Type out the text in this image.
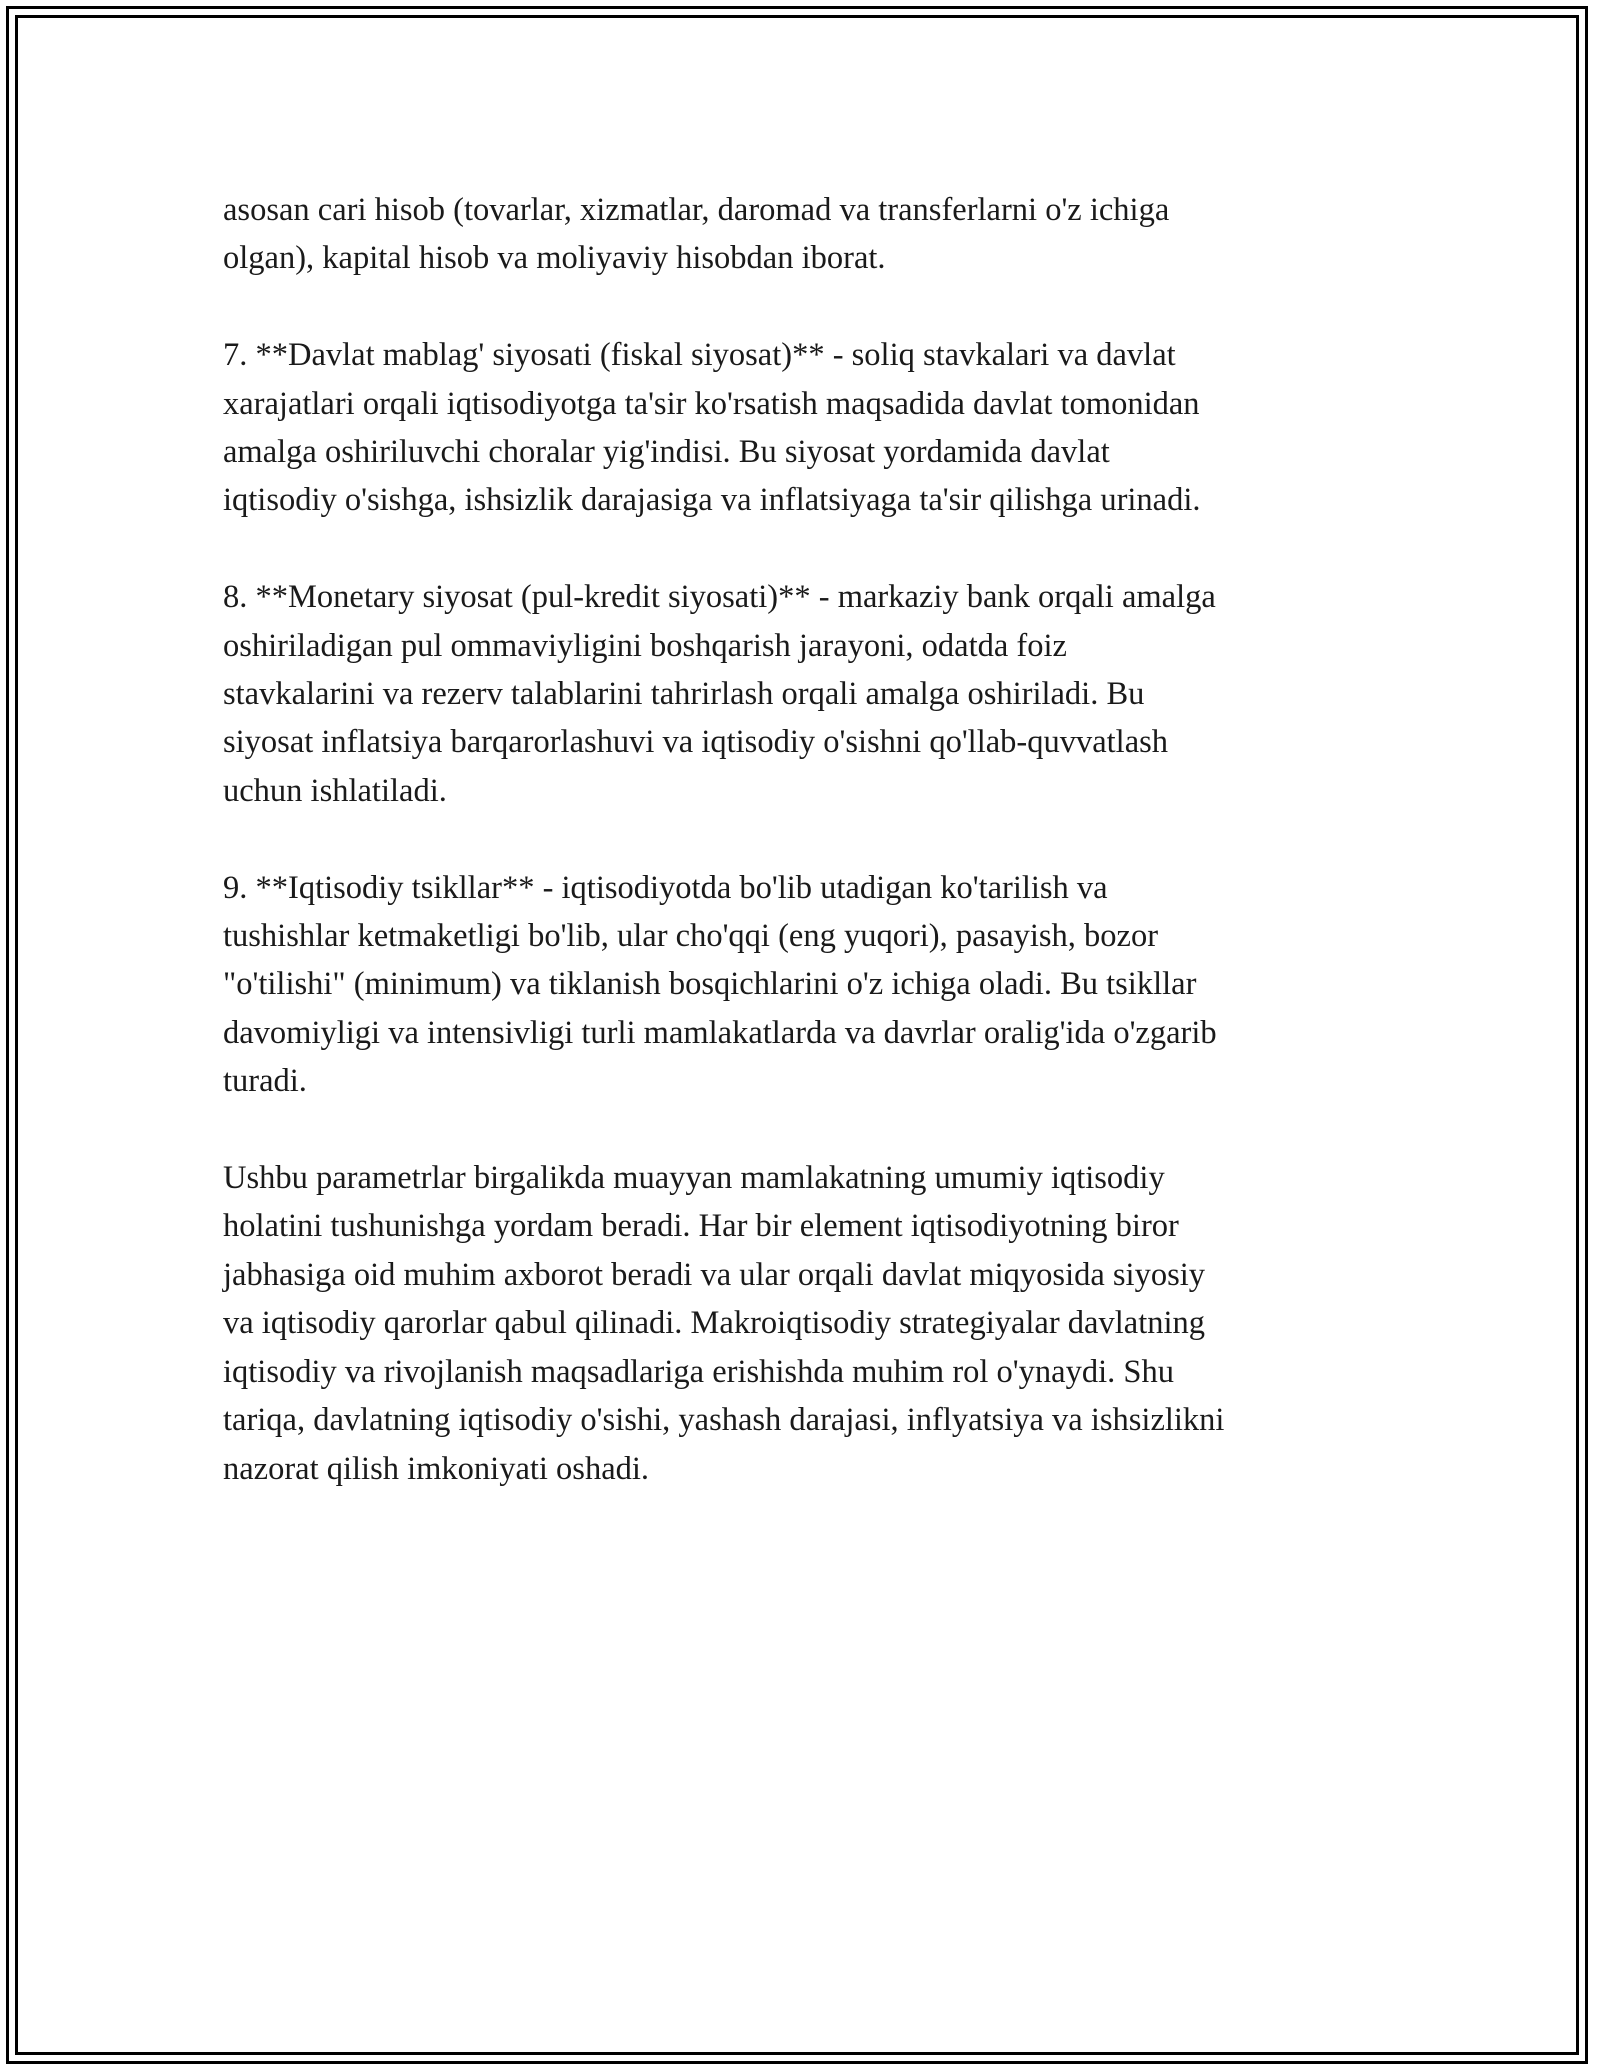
asosan cari hisob (tovarlar, xizmatlar, daromad va transferlarni o'z ichiga
olgan), kapital hisob va moliyaviy hisobdan iborat.

7. **Davlat mablag' siyosati (fiskal siyosat)** - soliq stavkalari va davlat
xarajatlari orqali iqtisodiyotga ta'sir ko'rsatish maqsadida davlat tomonidan
amalga oshiriluvchi choralar yig'indisi. Bu siyosat yordamida davlat
iqtisodiy o'sishga, ishsizlik darajasiga va inflatsiyaga ta'sir qilishga urinadi.

8. **Monetary siyosat (pul-kredit siyosati)** - markaziy bank orqali amalga
oshiriladigan pul ommaviyligini boshqarish jarayoni, odatda foiz
stavkalarini va rezerv talablarini tahrirlash orqali amalga oshiriladi. Bu
siyosat inflatsiya barqarorlashuvi va iqtisodiy o'sishni qo'llab-quvvatlash
uchun ishlatiladi.

9. **Iqtisodiy tsikllar** - iqtisodiyotda bo'lib utadigan ko'tarilish va
tushishlar ketmaketligi bo'lib, ular cho'qqi (eng yuqori), pasayish, bozor
"o'tilishi" (minimum) va tiklanish bosqichlarini o'z ichiga oladi. Bu tsikllar
davomiyligi va intensivligi turli mamlakatlarda va davrlar oralig'ida o'zgarib
turadi.

Ushbu parametrlar birgalikda muayyan mamlakatning umumiy iqtisodiy
holatini tushunishga yordam beradi. Har bir element iqtisodiyotning biror
jabhasiga oid muhim axborot beradi va ular orqali davlat miqyosida siyosiy
va iqtisodiy qarorlar qabul qilinadi. Makroiqtisodiy strategiyalar davlatning
iqtisodiy va rivojlanish maqsadlariga erishishda muhim rol o'ynaydi. Shu
tariqa, davlatning iqtisodiy o'sishi, yashash darajasi, inflyatsiya va ishsizlikni
nazorat qilish imkoniyati oshadi.
